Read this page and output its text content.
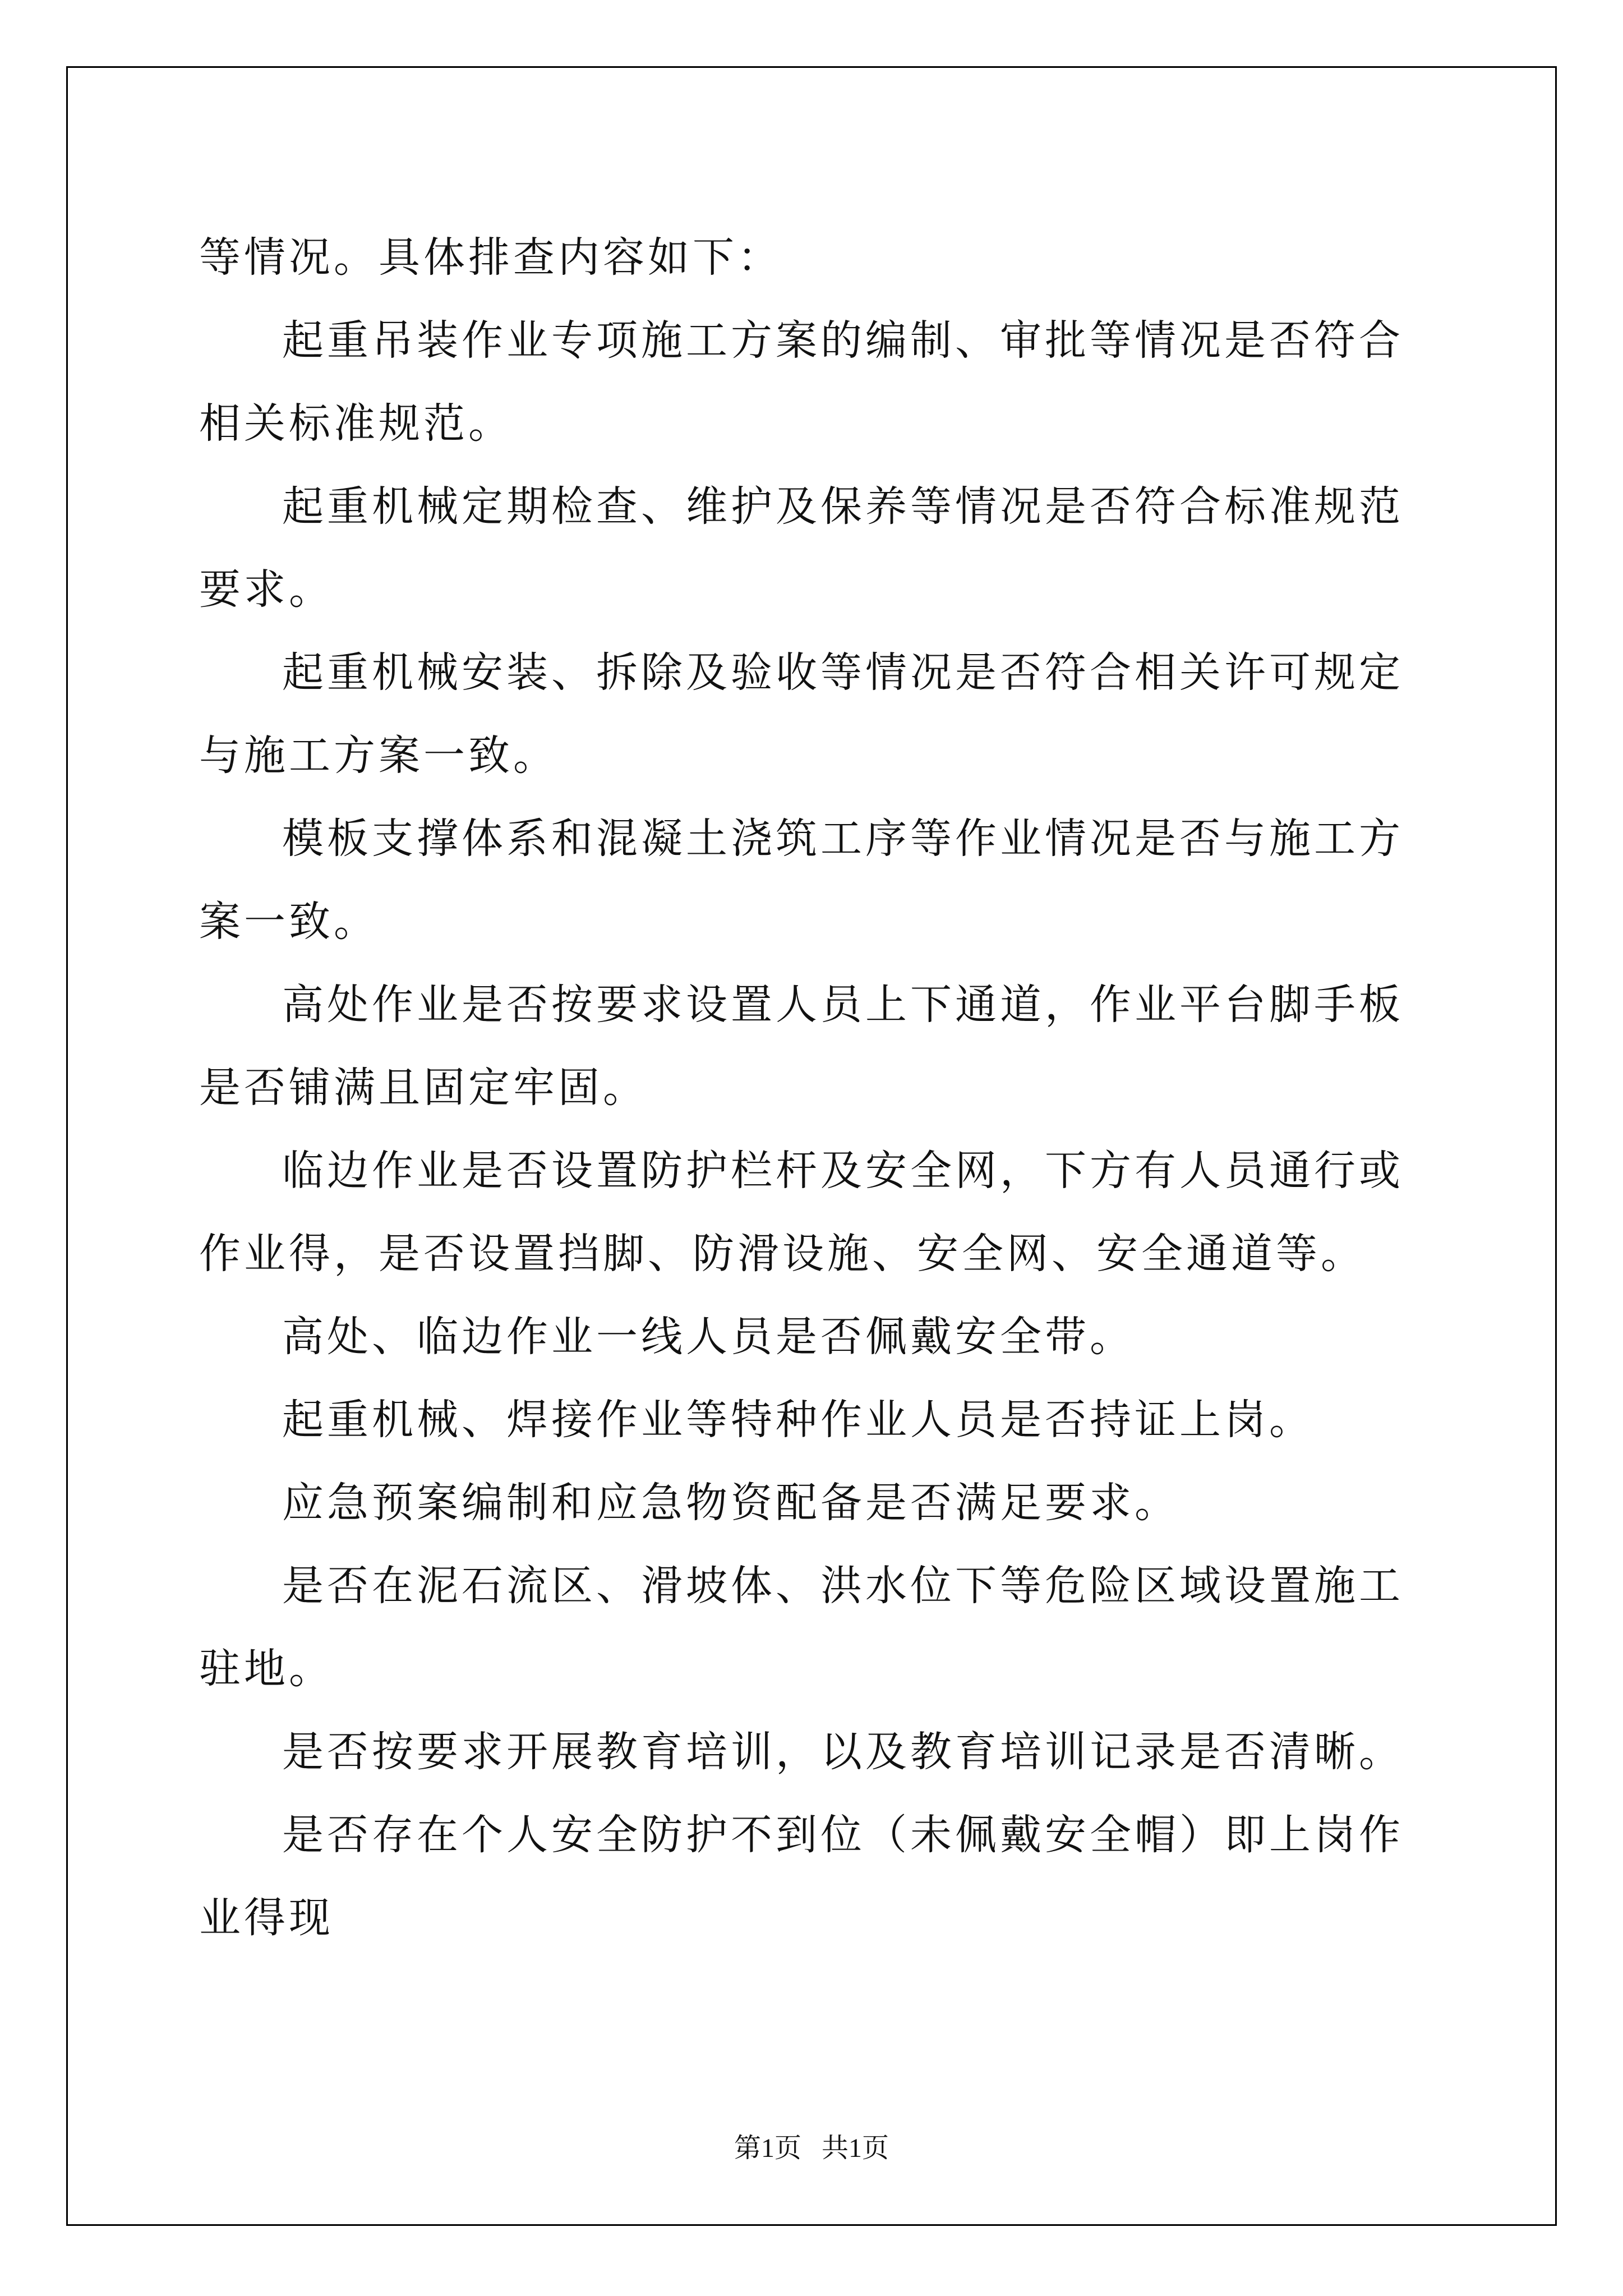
等情况。具体排查内容如下：

起重吊装作业专项施工方案的编制、审批等情况是否符合相关标准规范。

起重机械定期检查、维护及保养等情况是否符合标准规范要求。

起重机械安装、拆除及验收等情况是否符合相关许可规定与施工方案一致。

模板支撑体系和混凝土浇筑工序等作业情况是否与施工方案一致。

高处作业是否按要求设置人员上下通道，作业平台脚手板是否铺满且固定牢固。

临边作业是否设置防护栏杆及安全网，下方有人员通行或作业得，是否设置挡脚、防滑设施、安全网、安全通道等。

高处、临边作业一线人员是否佩戴安全带。

起重机械、焊接作业等特种作业人员是否持证上岗。

应急预案编制和应急物资配备是否满足要求。

是否在泥石流区、滑坡体、洪水位下等危险区域设置施工驻地。

是否按要求开展教育培训，以及教育培训记录是否清晰。

是否存在个人安全防护不到位（未佩戴安全帽）即上岗作业得现

第1页 共1页
